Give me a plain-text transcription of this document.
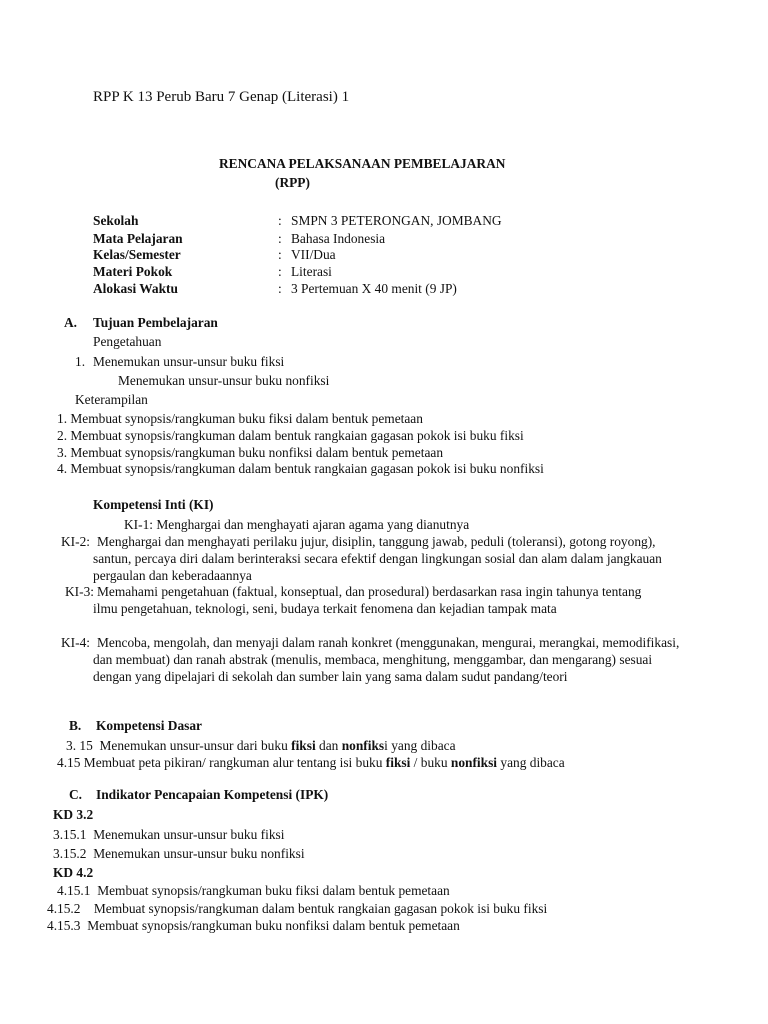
RPP K 13 Perub Baru 7 Genap (Literasi) 1
RENCANA PELAKSANAAN PEMBELAJARAN
(RPP)
Sekolah	: SMPN 3 PETERONGAN, JOMBANG
Mata Pelajaran	: Bahasa Indonesia
Kelas/Semester	: VII/Dua
Materi Pokok	: Literasi
Alokasi Waktu	: 3 Pertemuan X 40 menit (9 JP)
A. Tujuan Pembelajaran
Pengetahuan
1. Menemukan unsur-unsur buku fiksi
Menemukan unsur-unsur buku nonfiksi
Keterampilan
1. Membuat synopsis/rangkuman buku fiksi dalam bentuk pemetaan
2. Membuat synopsis/rangkuman dalam bentuk rangkaian gagasan pokok isi buku fiksi
3. Membuat synopsis/rangkuman buku nonfiksi dalam bentuk pemetaan
4. Membuat synopsis/rangkuman dalam bentuk rangkaian gagasan pokok isi buku nonfiksi
Kompetensi Inti (KI)
KI-1: Menghargai dan menghayati ajaran agama yang dianutnya
KI-2: Menghargai dan menghayati perilaku jujur, disiplin, tanggung jawab, peduli (toleransi), gotong royong), santun, percaya diri dalam berinteraksi secara efektif dengan lingkungan sosial dan alam dalam jangkauan pergaulan dan keberadaannya
KI-3: Memahami pengetahuan (faktual, konseptual, dan prosedural) berdasarkan rasa ingin tahunya tentang ilmu pengetahuan, teknologi, seni, budaya terkait fenomena dan kejadian tampak mata
KI-4: Mencoba, mengolah, dan menyaji dalam ranah konkret (menggunakan, mengurai, merangkai, memodifikasi, dan membuat) dan ranah abstrak (menulis, membaca, menghitung, menggambar, dan mengarang) sesuai dengan yang dipelajari di sekolah dan sumber lain yang sama dalam sudut pandang/teori
B. Kompetensi Dasar
3. 15 Menemukan unsur-unsur dari buku fiksi dan nonfiksi yang dibaca
4.15 Membuat peta pikiran/ rangkuman alur tentang isi buku fiksi / buku nonfiksi yang dibaca
C. Indikator Pencapaian Kompetensi (IPK)
KD 3.2
3.15.1 Menemukan unsur-unsur buku fiksi
3.15.2 Menemukan unsur-unsur buku nonfiksi
KD 4.2
4.15.1 Membuat synopsis/rangkuman buku fiksi dalam bentuk pemetaan
4.15.2 Membuat synopsis/rangkuman dalam bentuk rangkaian gagasan pokok isi buku fiksi
4.15.3 Membuat synopsis/rangkuman buku nonfiksi dalam bentuk pemetaan
